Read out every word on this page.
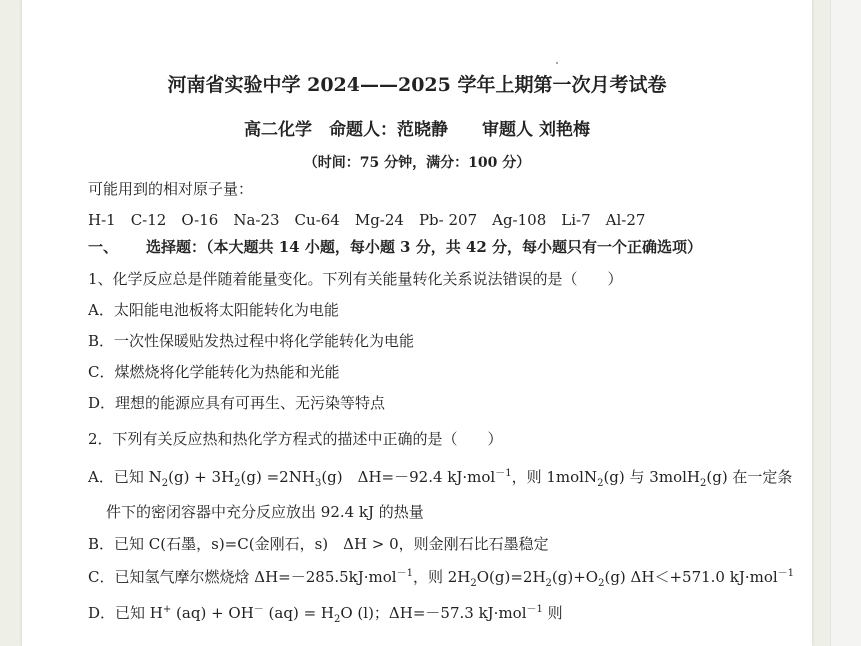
河南省实验中学 2024——2025 学年上期第一次月考试卷
高二化学　命题人：范晓静　　审题人 刘艳梅
（时间：75 分钟，满分：100 分）
可能用到的相对原子量：
H-1　C-12　O-16　Na-23　Cu-64　Mg-24　Pb- 207　Ag-108　Li-7　Al-27
一、 选择题：（本大题共 14 小题，每小题 3 分，共 42 分，每小题只有一个正确选项）
1、化学反应总是伴随着能量变化。下列有关能量转化关系说法错误的是（　　）
A．太阳能电池板将太阳能转化为电能
B．一次性保暖贴发热过程中将化学能转化为电能
C．煤燃烧将化学能转化为热能和光能
D．理想的能源应具有可再生、无污染等特点
2．下列有关反应热和热化学方程式的描述中正确的是（　　）
A．已知 $N_2(g) + 3H_2(g) =2NH_3(g)$　ΔH=－92.4 kJ·mol$^{-1}$，则 1molN$_2$(g) 与 3molH$_2$(g) 在一定条
件下的密闭容器中充分反应放出 92.4 kJ 的热量
B．已知 C(石墨，s)=C(金刚石，s)　ΔH > 0，则金刚石比石墨稳定
C．已知氢气摩尔燃烧焓 ΔH=－285.5kJ·mol$^{-1}$，则 $2H_2O(g)=2H_2(g)+O_2(g)$ ΔH＜+571.0 kJ·mol$^{-1}$
D．已知 H+ (aq) + OH－ $(aq) = H_2O$ (l)；ΔH=－57.3 kJ·mol$^{-1}$ 则
